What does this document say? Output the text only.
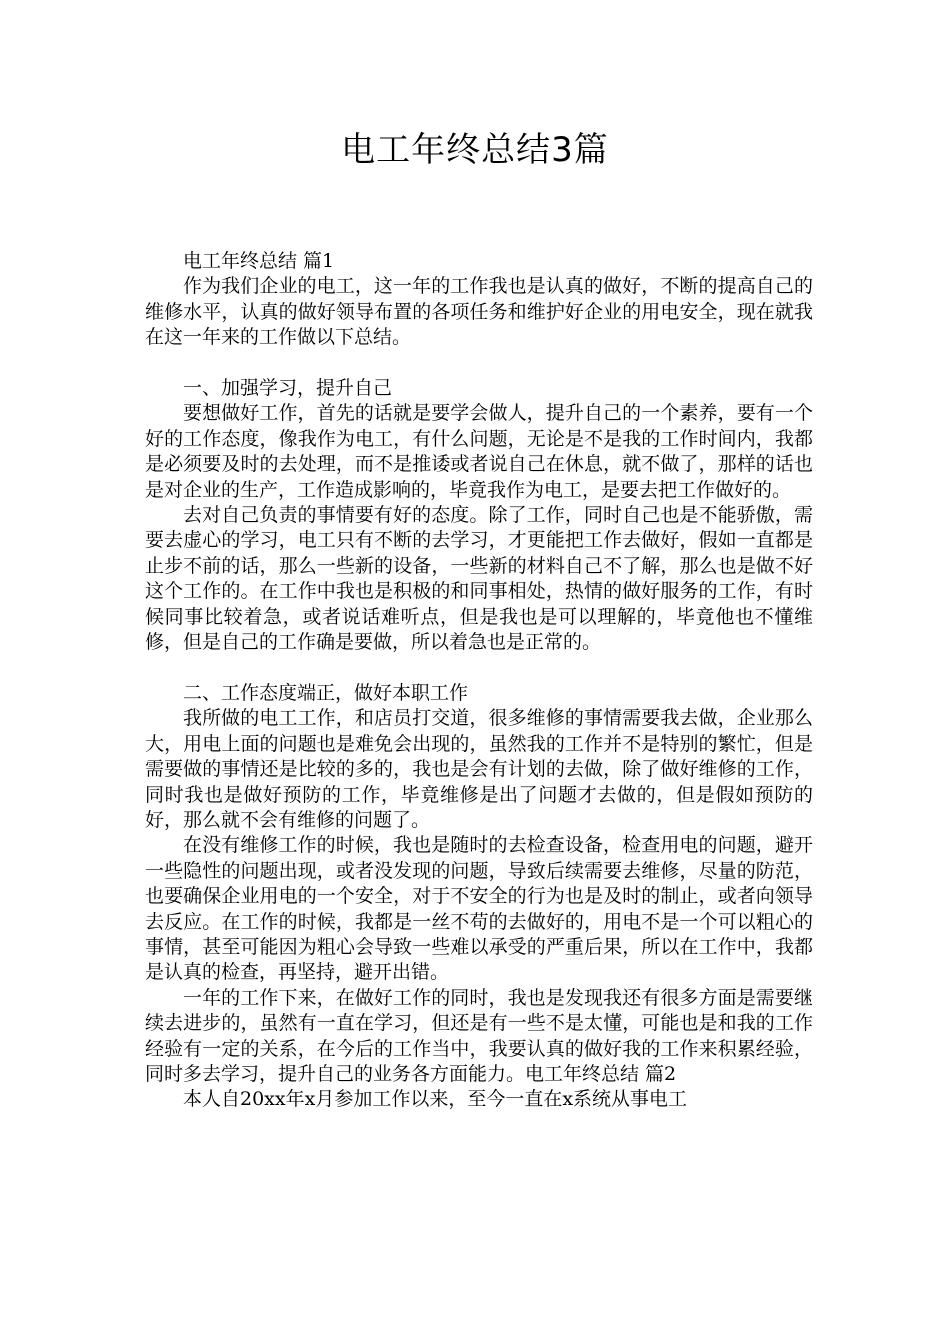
电工年终总结3篇

电工年终总结 篇1

作为我们企业的电工，这一年的工作我也是认真的做好，不断的提高自己的维修水平，认真的做好领导布置的各项任务和维护好企业的用电安全，现在就我在这一年来的工作做以下总结。

一、加强学习，提升自己

要想做好工作，首先的话就是要学会做人，提升自己的一个素养，要有一个好的工作态度，像我作为电工，有什么问题，无论是不是我的工作时间内，我都是必须要及时的去处理，而不是推诿或者说自己在休息，就不做了，那样的话也是对企业的生产，工作造成影响的，毕竟我作为电工，是要去把工作做好的。

去对自己负责的事情要有好的态度。除了工作，同时自己也是不能骄傲，需要去虚心的学习，电工只有不断的去学习，才更能把工作去做好，假如一直都是止步不前的话，那么一些新的设备，一些新的材料自己不了解，那么也是做不好这个工作的。在工作中我也是积极的和同事相处，热情的做好服务的工作，有时候同事比较着急，或者说话难听点，但是我也是可以理解的，毕竟他也不懂维修，但是自己的工作确是要做，所以着急也是正常的。

二、工作态度端正，做好本职工作

我所做的电工工作，和店员打交道，很多维修的事情需要我去做，企业那么大，用电上面的问题也是难免会出现的，虽然我的工作并不是特别的繁忙，但是需要做的事情还是比较的多的，我也是会有计划的去做，除了做好维修的工作，同时我也是做好预防的工作，毕竟维修是出了问题才去做的，但是假如预防的好，那么就不会有维修的问题了。

在没有维修工作的时候，我也是随时的去检查设备，检查用电的问题，避开一些隐性的问题出现，或者没发现的问题，导致后续需要去维修，尽量的防范，也要确保企业用电的一个安全，对于不安全的行为也是及时的制止，或者向领导去反应。在工作的时候，我都是一丝不苟的去做好的，用电不是一个可以粗心的事情，甚至可能因为粗心会导致一些难以承受的严重后果，所以在工作中，我都是认真的检查，再坚持，避开出错。

一年的工作下来，在做好工作的同时，我也是发现我还有很多方面是需要继续去进步的，虽然有一直在学习，但还是有一些不是太懂，可能也是和我的工作经验有一定的关系，在今后的工作当中，我要认真的做好我的工作来积累经验，同时多去学习，提升自己的业务各方面能力。电工年终总结 篇2

本人自20xx年x月参加工作以来，至今一直在x系统从事电工
